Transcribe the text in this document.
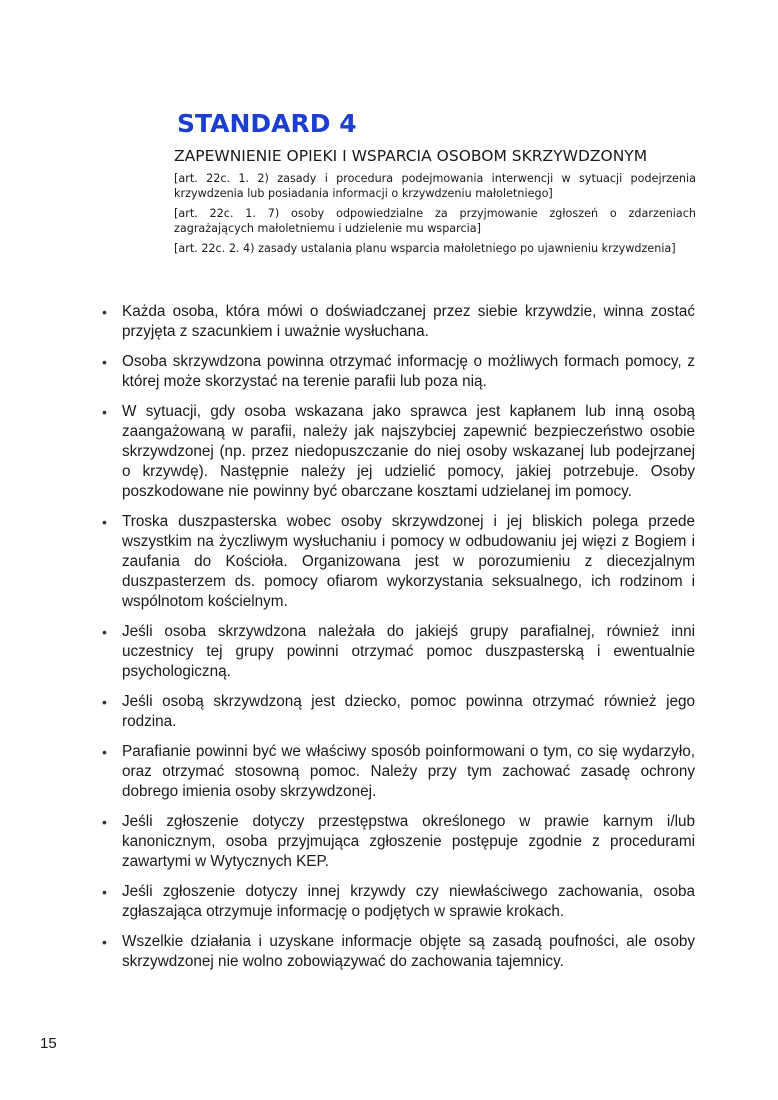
STANDARD 4
ZAPEWNIENIE OPIEKI I WSPARCIA OSOBOM SKRZYWDZONYM
[art. 22c. 1. 2) zasady i procedura podejmowania interwencji w sytuacji podejrzenia krzywdzenia lub posiadania informacji o krzywdzeniu małoletniego]
[art. 22c. 1. 7) osoby odpowiedzialne za przyjmowanie zgłoszeń o zdarzeniach zagrażających małoletniemu i udzielenie mu wsparcia]
[art. 22c. 2. 4) zasady ustalania planu wsparcia małoletniego po ujawnieniu krzywdzenia]
• Każda osoba, która mówi o doświadczanej przez siebie krzywdzie, winna zostać przyjęta z szacunkiem i uważnie wysłuchana.
• Osoba skrzywdzona powinna otrzymać informację o możliwych formach pomocy, z której może skorzystać na terenie parafii lub poza nią.
• W sytuacji, gdy osoba wskazana jako sprawca jest kapłanem lub inną osobą zaangażowaną w parafii, należy jak najszybciej zapewnić bezpieczeństwo osobie skrzywdzonej (np. przez niedopuszczanie do niej osoby wskazanej lub podejrzanej o krzywdę). Następnie należy jej udzielić pomocy, jakiej potrzebuje. Osoby poszkodowane nie powinny być obarczane kosztami udzielanej im pomocy.
• Troska duszpasterska wobec osoby skrzywdzonej i jej bliskich polega przede wszystkim na życzliwym wysłuchaniu i pomocy w odbudowaniu jej więzi z Bogiem i zaufania do Kościoła. Organizowana jest w porozumieniu z diecezjalnym duszpasterzem ds. pomocy ofiarom wykorzystania seksualnego, ich rodzinom i wspólnotom kościelnym.
• Jeśli osoba skrzywdzona należała do jakiejś grupy parafialnej, również inni uczestnicy tej grupy powinni otrzymać pomoc duszpasterską i ewentualnie psychologiczną.
• Jeśli osobą skrzywdzoną jest dziecko, pomoc powinna otrzymać również jego rodzina.
• Parafianie powinni być we właściwy sposób poinformowani o tym, co się wydarzyło, oraz otrzymać stosowną pomoc. Należy przy tym zachować zasadę ochrony dobrego imienia osoby skrzywdzonej.
• Jeśli zgłoszenie dotyczy przestępstwa określonego w prawie karnym i/lub kanonicznym, osoba przyjmująca zgłoszenie postępuje zgodnie z procedurami zawartymi w Wytycznych KEP.
• Jeśli zgłoszenie dotyczy innej krzywdy czy niewłaściwego zachowania, osoba zgłaszająca otrzymuje informację o podjętych w sprawie krokach.
• Wszelkie działania i uzyskane informacje objęte są zasadą poufności, ale osoby skrzywdzonej nie wolno zobowiązywać do zachowania tajemnicy.
15
